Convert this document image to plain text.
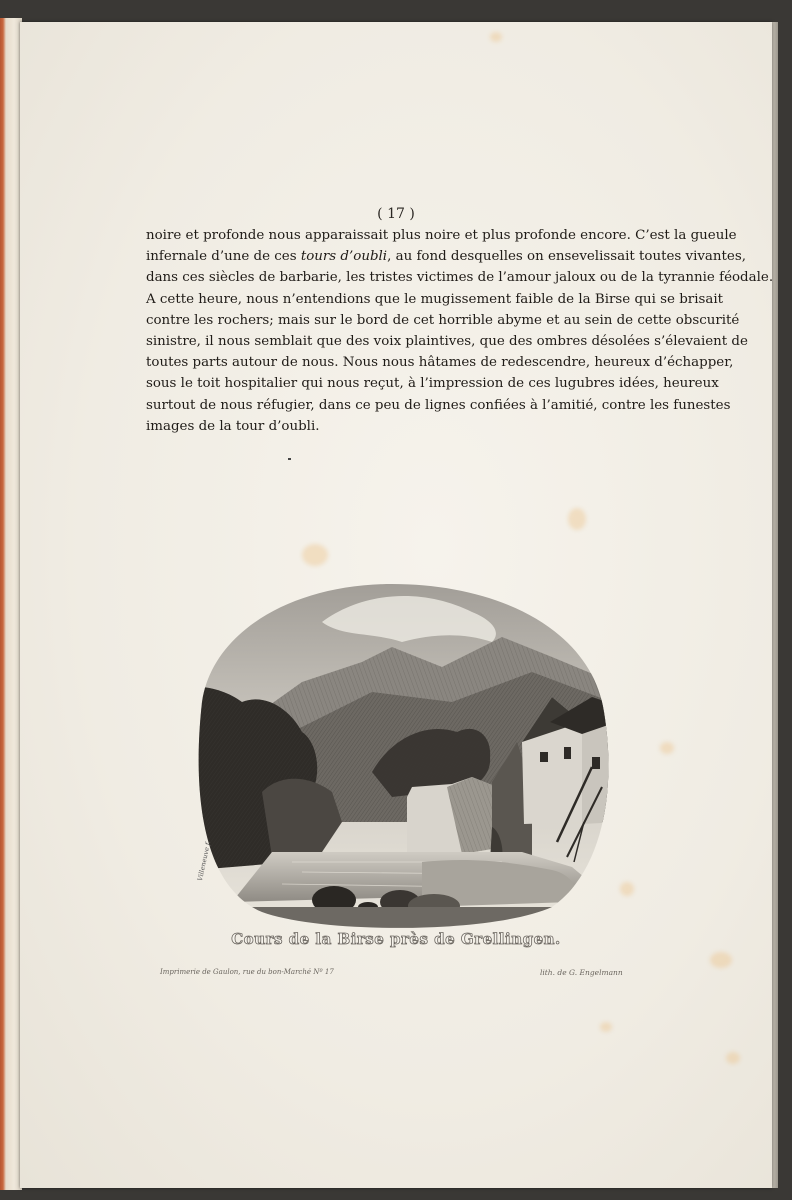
( 17 )
noire et profonde nous apparaissait plus noire et plus profonde encore. C’est la gueule
infernale d’une de ces tours d’oubli, au fond desquelles on ensevelissait toutes vivantes,
dans ces siècles de barbarie, les tristes victimes de l’amour jaloux ou de la tyrannie féodale.
A cette heure, nous n’entendions que le mugissement faible de la Birse qui se brisait
contre les rochers; mais sur le bord de cet horrible abyme et au sein de cette obscurité
sinistre, il nous semblait que des voix plaintives, que des ombres désolées s’élevaient de
toutes parts autour de nous. Nous nous hâtames de redescendre, heureux d’échapper,
sous le toit hospitalier qui nous reçut, à l’impression de ces lugubres idées, heureux
surtout de nous réfugier, dans ce peu de lignes confiées à l’amitié, contre les funestes
images de la tour d’oubli.
Villeneuve f.
Cours de la Birse près de Grellingen.
Imprimerie de Gaulon, rue du bon-Marché Nº 17	lith. de G. Engelmann
